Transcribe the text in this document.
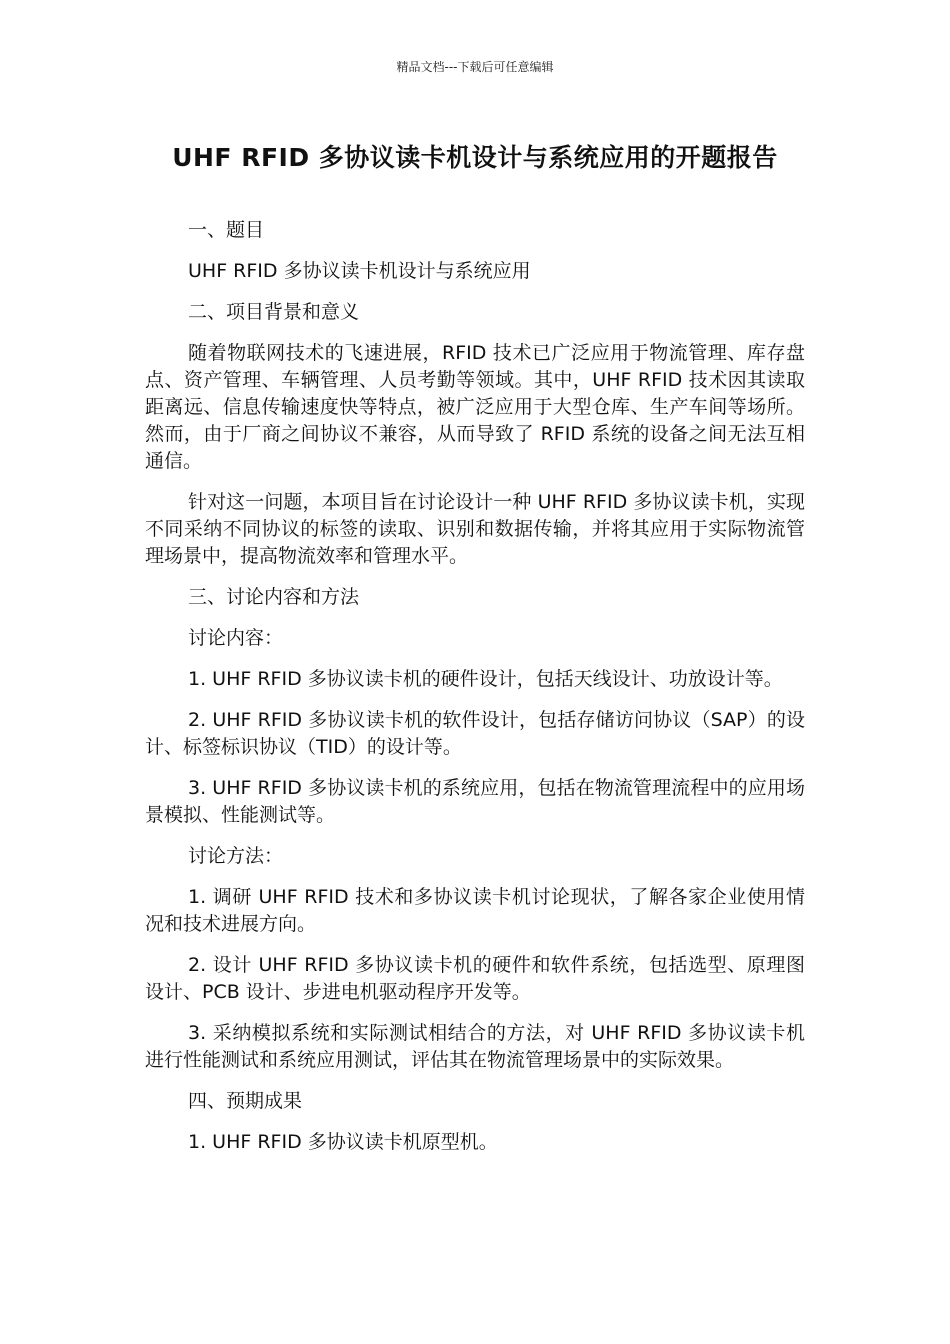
精品文档---下载后可任意编辑
UHF RFID 多协议读卡机设计与系统应用的开题报告

一、题目

UHF RFID 多协议读卡机设计与系统应用

二、项目背景和意义

随着物联网技术的飞速进展，RFID 技术已广泛应用于物流管理、库存盘点、资产管理、车辆管理、人员考勤等领域。其中，UHF RFID 技术因其读取距离远、信息传输速度快等特点，被广泛应用于大型仓库、生产车间等场所。然而，由于厂商之间协议不兼容，从而导致了 RFID 系统的设备之间无法互相通信。

针对这一问题，本项目旨在讨论设计一种 UHF RFID 多协议读卡机，实现不同采纳不同协议的标签的读取、识别和数据传输，并将其应用于实际物流管理场景中，提高物流效率和管理水平。

三、讨论内容和方法

讨论内容：

1. UHF RFID 多协议读卡机的硬件设计，包括天线设计、功放设计等。

2. UHF RFID 多协议读卡机的软件设计，包括存储访问协议（SAP）的设计、标签标识协议（TID）的设计等。

3. UHF RFID 多协议读卡机的系统应用，包括在物流管理流程中的应用场景模拟、性能测试等。

讨论方法：

1. 调研 UHF RFID 技术和多协议读卡机讨论现状，了解各家企业使用情况和技术进展方向。

2. 设计 UHF RFID 多协议读卡机的硬件和软件系统，包括选型、原理图设计、PCB 设计、步进电机驱动程序开发等。

3. 采纳模拟系统和实际测试相结合的方法，对 UHF RFID 多协议读卡机进行性能测试和系统应用测试，评估其在物流管理场景中的实际效果。

四、预期成果

1. UHF RFID 多协议读卡机原型机。
